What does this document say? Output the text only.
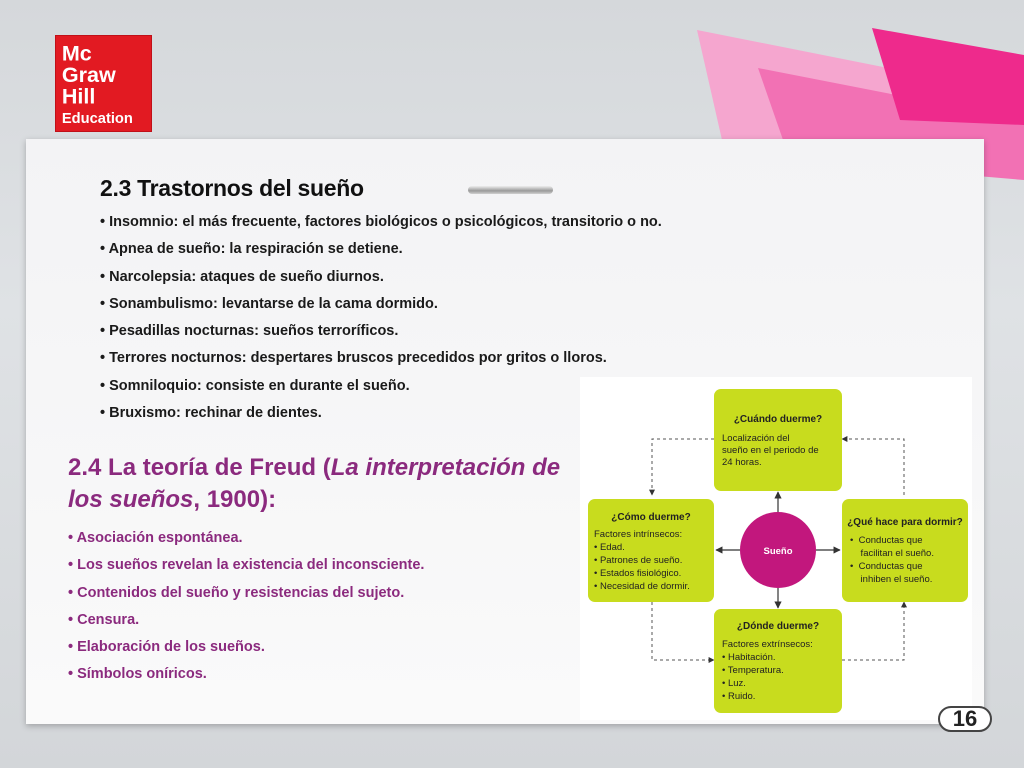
Mc
Graw
Hill
Education
2.3 Trastornos del sueño
• Insomnio: el más frecuente, factores biológicos o psicológicos, transitorio o no.
• Apnea de sueño: la respiración se detiene.
• Narcolepsia: ataques de sueño diurnos.
• Sonambulismo: levantarse de la cama dormido.
• Pesadillas nocturnas: sueños terroríficos.
• Terrores nocturnos: despertares bruscos precedidos por gritos o lloros.
• Somniloquio: consiste en durante el sueño.
• Bruxismo: rechinar de dientes.
2.4 La teoría de Freud (La interpretación de
los sueños, 1900):
• Asociación espontánea.
• Los sueños revelan la existencia del inconsciente.
• Contenidos del sueño y resistencias del sujeto.
• Censura.
• Elaboración de los sueños.
• Símbolos oníricos.
¿Cuándo duerme?
Localización del
sueño en el periodo de
24 horas.
¿Cómo duerme?
Factores intrínsecos:
• Edad.
• Patrones de sueño.
• Estados fisiológico.
• Necesidad de dormir.
¿Qué hace para dormir?
•  Conductas que
facilitan el sueño.
•  Conductas que
inhiben el sueño.
¿Dónde duerme?
Factores extrínsecos:
• Habitación.
• Temperatura.
• Luz.
• Ruido.
Sueño
16
